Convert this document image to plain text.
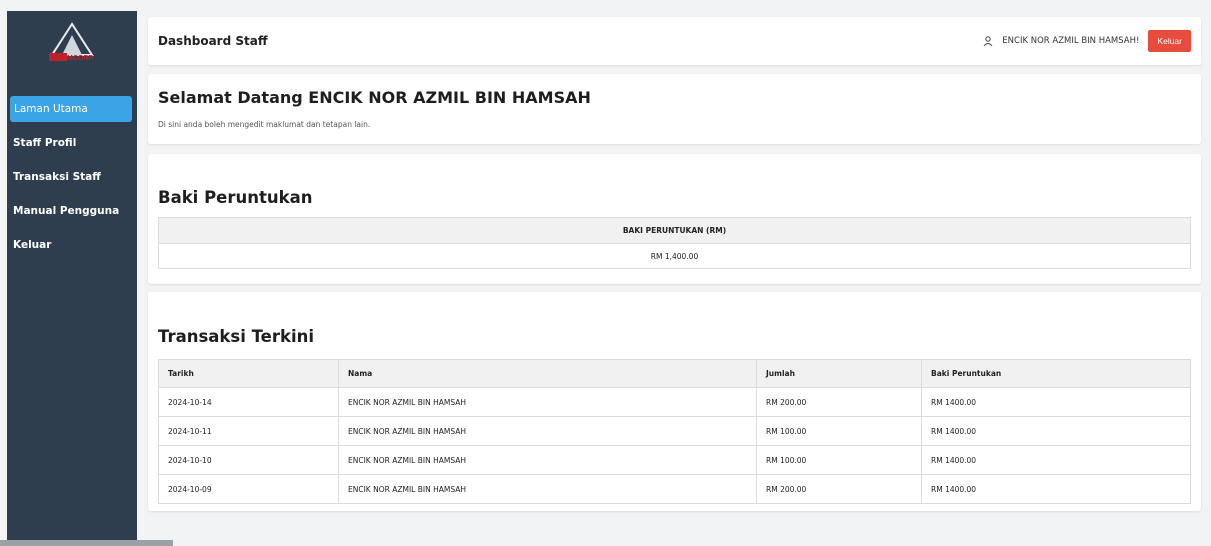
MCORP
Laman Utama
Staff Profil
Transaksi Staff
Manual Pengguna
Keluar
Dashboard Staff	ENCIK NOR AZMIL BIN HAMSAH!	Keluar
Selamat Datang ENCIK NOR AZMIL BIN HAMSAH

Di sini anda boleh mengedit maklumat dan tetapan lain.

Baki Peruntukan
BAKI PERUNTUKAN (RM)
RM 1,400.00
Transaksi Terkini
Tarikh	Nama	Jumlah	Baki Peruntukan
2024-10-14	ENCIK NOR AZMIL BIN HAMSAH	RM 200.00	RM 1400.00
2024-10-11	ENCIK NOR AZMIL BIN HAMSAH	RM 100.00	RM 1400.00
2024-10-10	ENCIK NOR AZMIL BIN HAMSAH	RM 100.00	RM 1400.00
2024-10-09	ENCIK NOR AZMIL BIN HAMSAH	RM 200.00	RM 1400.00
